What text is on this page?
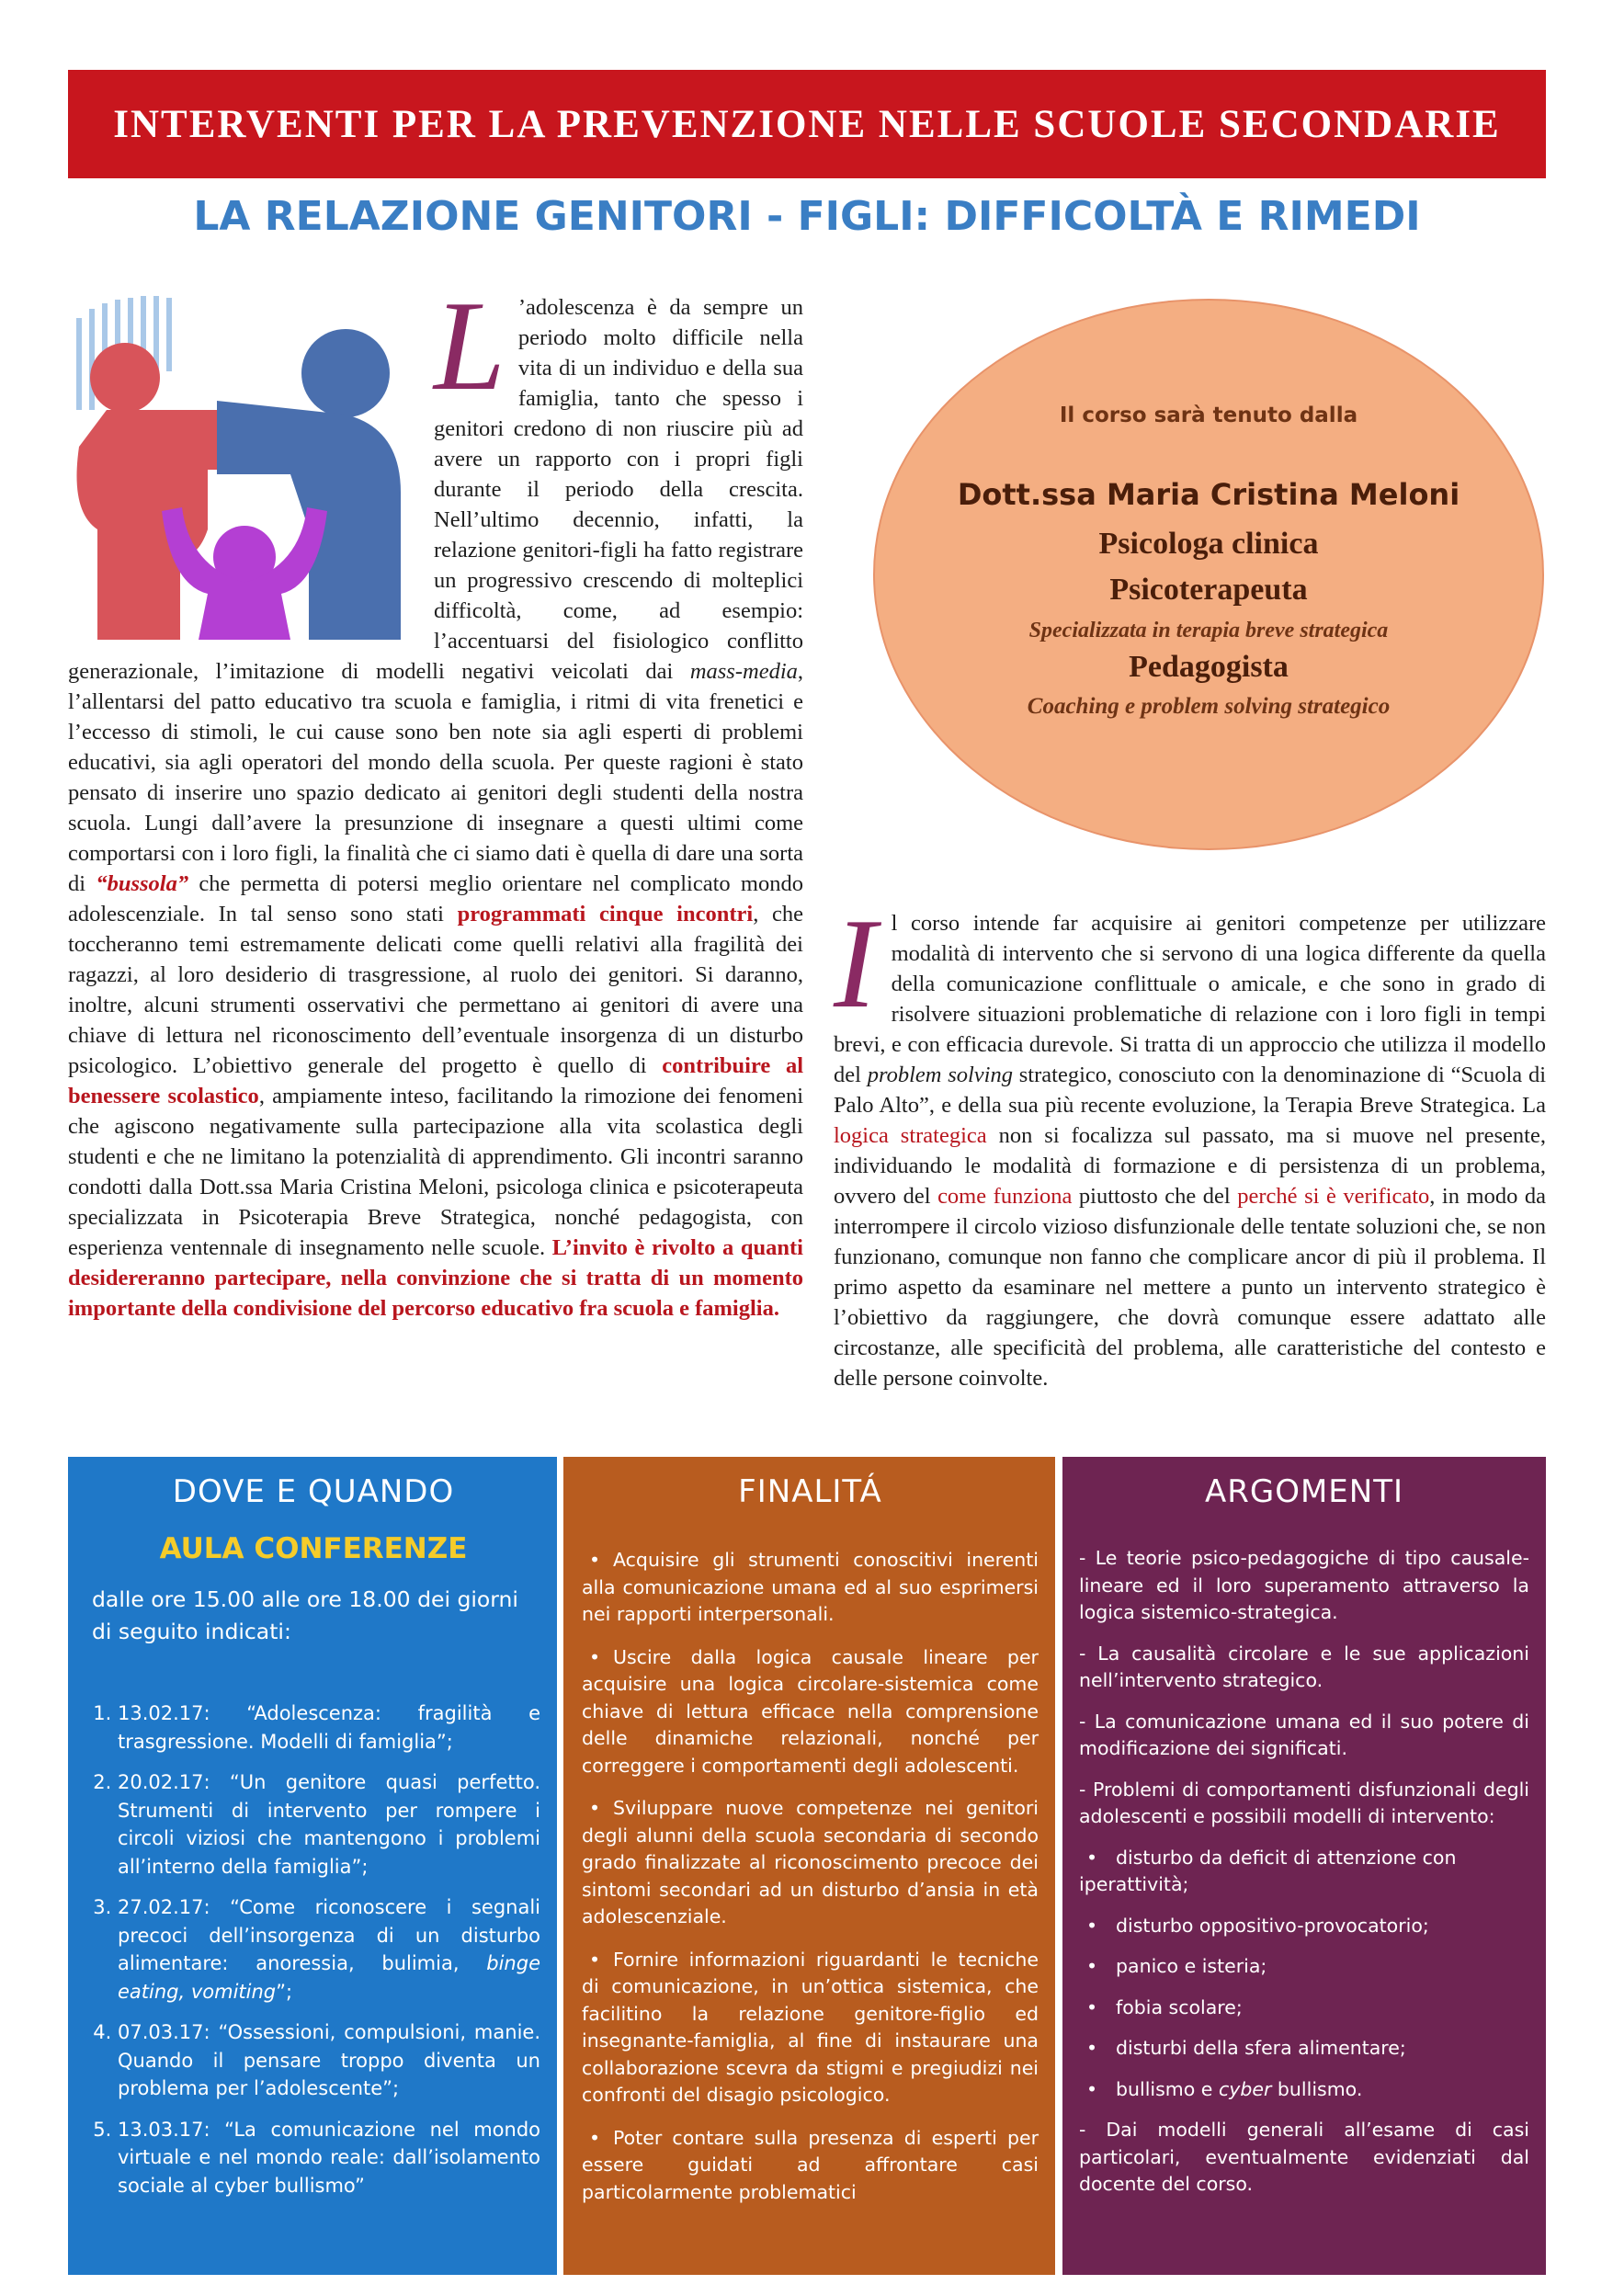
INTERVENTI PER LA PREVENZIONE NELLE SCUOLE SECONDARIE
LA RELAZIONE GENITORI - FIGLI: DIFFICOLTÀ E RIMEDI
L ’adolescenza è da sempre un periodo molto difficile nella vita di un individuo e della sua famiglia, tanto che spesso i genitori credono di non riuscire più ad avere un rapporto con i propri figli durante il periodo della crescita. Nell’ultimo decennio, infatti, la relazione genitori-figli ha fatto registrare un progressivo crescendo di molteplici difficoltà, come, ad esempio: l’accentuarsi del fisiologico conflitto generazionale, l’imitazione di modelli negativi veicolati dai mass-media, l’allentarsi del patto educativo tra scuola e famiglia, i ritmi di vita frenetici e l’eccesso di stimoli, le cui cause sono ben note sia agli esperti di problemi educativi, sia agli operatori del mondo della scuola. Per queste ragioni è stato pensato di inserire uno spazio dedicato ai genitori degli studenti della nostra scuola. Lungi dall’avere la presunzione di insegnare a questi ultimi come comportarsi con i loro figli, la finalità che ci siamo dati è quella di dare una sorta di “bussola” che permetta di potersi meglio orientare nel complicato mondo adolescenziale. In tal senso sono stati programmati cinque incontri, che toccheranno temi estremamente delicati come quelli relativi alla fragilità dei ragazzi, al loro desiderio di trasgressione, al ruolo dei genitori. Si daranno, inoltre, alcuni strumenti osservativi che permettano ai genitori di avere una chiave di lettura nel riconoscimento dell’eventuale insorgenza di un disturbo psicologico. L’obiettivo generale del progetto è quello di contribuire al benessere scolastico, ampiamente inteso, facilitando la rimozione dei fenomeni che agiscono negativamente sulla partecipazione alla vita scolastica degli studenti e che ne limitano la potenzialità di apprendimento. Gli incontri saranno condotti dalla Dott.ssa Maria Cristina Meloni, psicologa clinica e psicoterapeuta specializzata in Psicoterapia Breve Strategica, nonché pedagogista, con esperienza ventennale di insegnamento nelle scuole. L’invito è rivolto a quanti desidereranno partecipare, nella convinzione che si tratta di un momento importante della condivisione del percorso educativo fra scuola e famiglia.
Il corso sarà tenuto dalla
Dott.ssa Maria Cristina Meloni
Psicologa clinica
Psicoterapeuta
Specializzata in terapia breve strategica
Pedagogista
Coaching e problem solving strategico
I l corso intende far acquisire ai genitori competenze per utilizzare modalità di intervento che si servono di una logica differente da quella della comunicazione conflittuale o amicale, e che sono in grado di risolvere situazioni problematiche di relazione con i loro figli in tempi brevi, e con efficacia durevole. Si tratta di un approccio che utilizza il modello del problem solving strategico, conosciuto con la denominazione di “Scuola di Palo Alto”, e della sua più recente evoluzione, la Terapia Breve Strategica. La logica strategica non si focalizza sul passato, ma si muove nel presente, individuando le modalità di formazione e di persistenza di un problema, ovvero del come funziona piuttosto che del perché si è verificato, in modo da interrompere il circolo vizioso disfunzionale delle tentate soluzioni che, se non funzionano, comunque non fanno che complicare ancor di più il problema. Il primo aspetto da esaminare nel mettere a punto un intervento strategico è l’obiettivo da raggiungere, che dovrà comunque essere adattato alle circostanze, alle specificità del problema, alle caratteristiche del contesto e delle persone coinvolte.
DOVE E QUANDO
AULA CONFERENZE
dalle ore 15.00 alle ore 18.00 dei giorni di seguito indicati:
1. 13.02.17: “Adolescenza: fragilità e trasgressione. Modelli di famiglia”;
2. 20.02.17: “Un genitore quasi perfetto. Strumenti di intervento per rompere i circoli viziosi che mantengono i problemi all’interno della famiglia”;
3. 27.02.17: “Come riconoscere i segnali precoci dell’insorgenza di un disturbo alimentare: anoressia, bulimia, binge eating, vomiting”;
4. 07.03.17: “Ossessioni, compulsioni, manie. Quando il pensare troppo diventa un problema per l’adolescente”;
5. 13.03.17: “La comunicazione nel mondo virtuale e nel mondo reale: dall’isolamento sociale al cyber bullismo”
FINALITÁ
• Acquisire gli strumenti conoscitivi inerenti alla comunicazione umana ed al suo esprimersi nei rapporti interpersonali.
• Uscire dalla logica causale lineare per acquisire una logica circolare-sistemica come chiave di lettura efficace nella comprensione delle dinamiche relazionali, nonché per correggere i comportamenti degli adolescenti.
• Sviluppare nuove competenze nei genitori degli alunni della scuola secondaria di secondo grado finalizzate al riconoscimento precoce dei sintomi secondari ad un disturbo d’ansia in età adolescenziale.
• Fornire informazioni riguardanti le tecniche di comunicazione, in un’ottica sistemica, che facilitino la relazione genitore-figlio ed insegnante-famiglia, al fine di instaurare una collaborazione scevra da stigmi e pregiudizi nei confronti del disagio psicologico.
• Poter contare sulla presenza di esperti per essere guidati ad affrontare casi particolarmente problematici
ARGOMENTI

- Le teorie psico-pedagogiche di tipo causale-lineare ed il loro superamento attraverso la logica sistemico-strategica.

- La causalità circolare e le sue applicazioni nell’intervento strategico.

- La comunicazione umana ed il suo potere di modificazione dei significati.

- Problemi di comportamenti disfunzionali degli adolescenti e possibili modelli di intervento:

• disturbo da deficit di attenzione con iperattività;
• disturbo oppositivo-provocatorio;
• panico e isteria;
• fobia scolare;
• disturbi della sfera alimentare;
• bullismo e cyber bullismo.

- Dai modelli generali all’esame di casi particolari, eventualmente evidenziati dal docente del corso.
